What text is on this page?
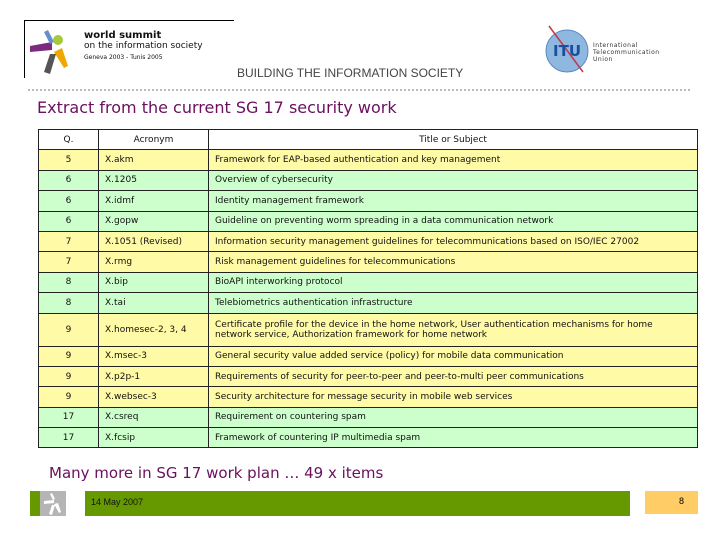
world summit
on the information society
Geneva 2003 - Tunis 2005
BUILDING THE INFORMATION SOCIETY
ITU International
Telecommunication
Union
Extract from the current SG 17 security work
Q.	Acronym	Title or Subject
5	X.akm	Framework for EAP-based authentication and key management
6	X.1205	Overview of cybersecurity
6	X.idmf	Identity management framework
6	X.gopw	Guideline on preventing worm spreading in a data communication network
7	X.1051 (Revised)	Information security management guidelines for telecommunications based on ISO/IEC 27002
7	X.rmg	Risk management guidelines for telecommunications
8	X.bip	BioAPI interworking protocol
8	X.tai	Telebiometrics authentication infrastructure
9	X.homesec-2, 3, 4	Certificate profile for the device in the home network, User authentication mechanisms for home network service, Authorization framework for home network
9	X.msec-3	General security value added service (policy) for mobile data communication
9	X.p2p-1	Requirements of security for peer-to-peer and peer-to-multi peer communications
9	X.websec-3	Security architecture for message security in mobile web services
17	X.csreq	Requirement on countering spam
17	X.fcsip	Framework of countering IP multimedia spam
Many more in SG 17 work plan … 49 x items
14 May 2007	8
